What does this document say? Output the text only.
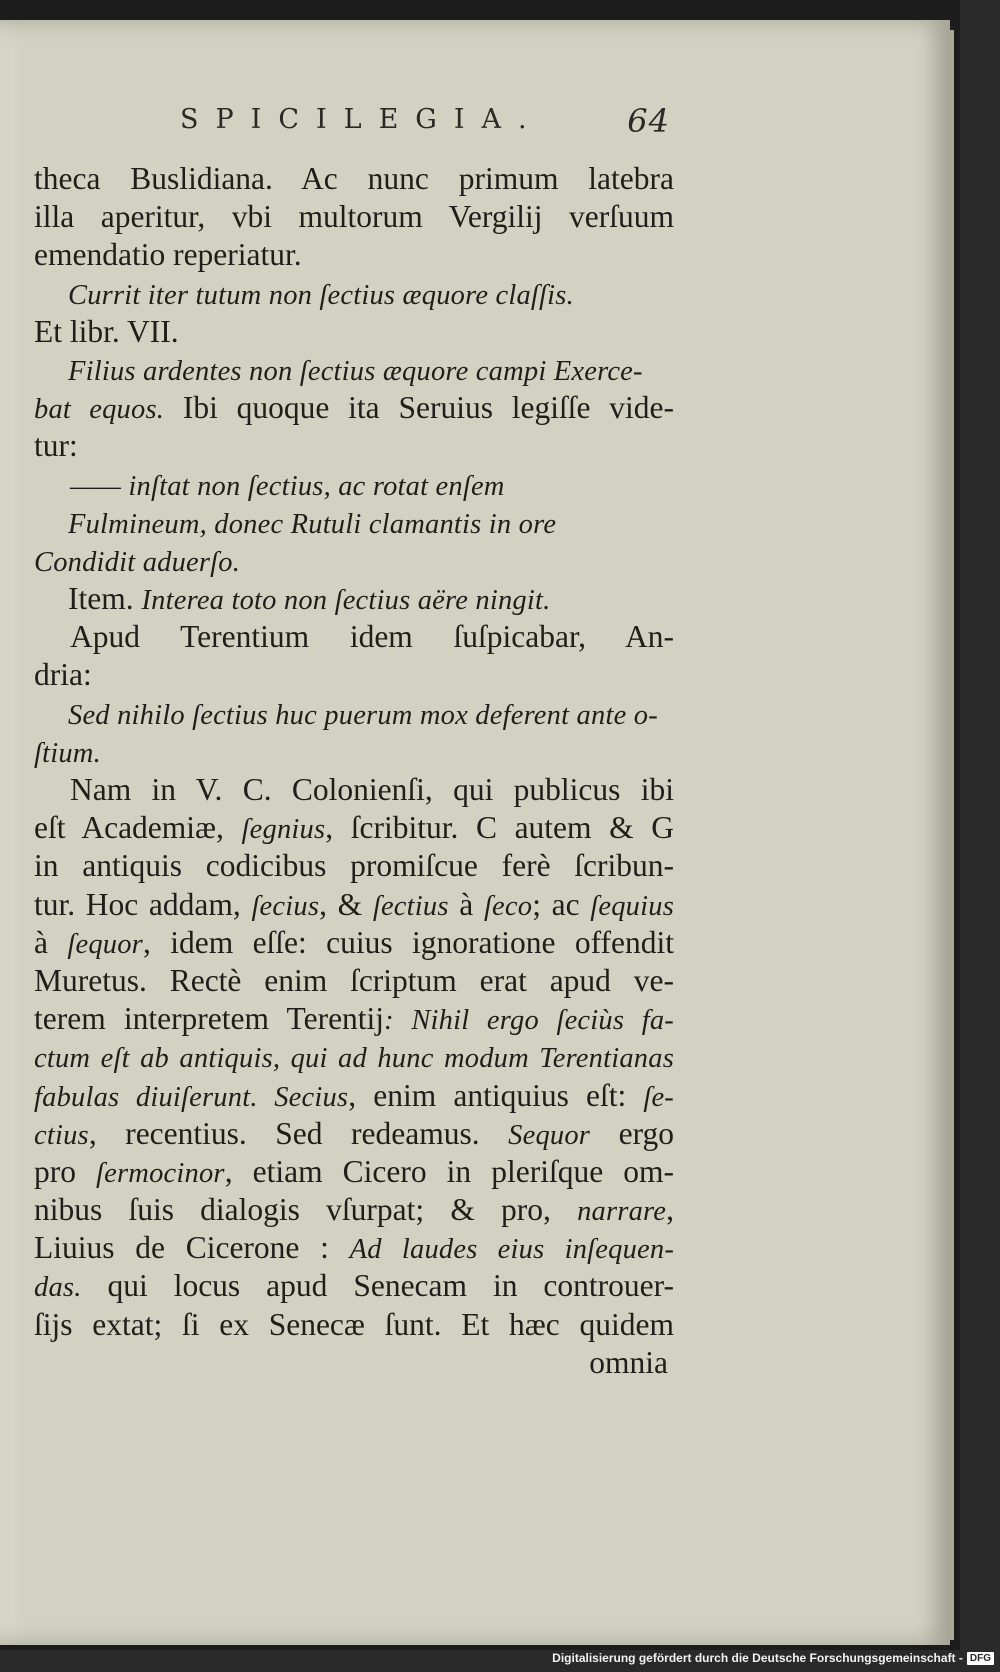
SPICILEGIA.	64
theca Buslidiana. Ac nunc primum latebra
illa aperitur, vbi multorum Vergilij verſuum
emendatio reperiatur.
Currit iter tutum non ſectius æquore claſſis.
Et libr. VII.
Filius ardentes non ſectius æquore campi Exerce-
bat equos. Ibi quoque ita Seruius legiſſe vide-
tur:
—— inſtat non ſectius, ac rotat enſem
Fulmineum, donec Rutuli clamantis in ore
Condidit aduerſo.
Item. Interea toto non ſectius aëre ningit.
Apud Terentium idem ſuſpicabar, An-
dria:
Sed nihilo ſectius huc puerum mox deferent ante o-
ſtium.
Nam in V. C. Colonienſi, qui publicus ibi
eſt Academiæ, ſegnius, ſcribitur. C autem & G
in antiquis codicibus promiſcue ferè ſcribun-
tur. Hoc addam, ſecius, & ſectius à ſeco; ac ſequius
à ſequor, idem eſſe: cuius ignoratione offendit
Muretus. Rectè enim ſcriptum erat apud ve-
terem interpretem Terentij: Nihil ergo ſeciùs fa-
ctum eſt ab antiquis, qui ad hunc modum Terentianas
fabulas diuiſerunt. Secius, enim antiquius eſt: ſe-
ctius, recentius. Sed redeamus. Sequor ergo
pro ſermocinor, etiam Cicero in pleriſque om-
nibus ſuis dialogis vſurpat; & pro, narrare,
Liuius de Cicerone : Ad laudes eius inſequen-
das. qui locus apud Senecam in controuer-
ſijs extat; ſi ex Senecæ ſunt. Et hæc quidem
omnia
Digitalisierung gefördert durch die Deutsche Forschungsgemeinschaft - DFG
